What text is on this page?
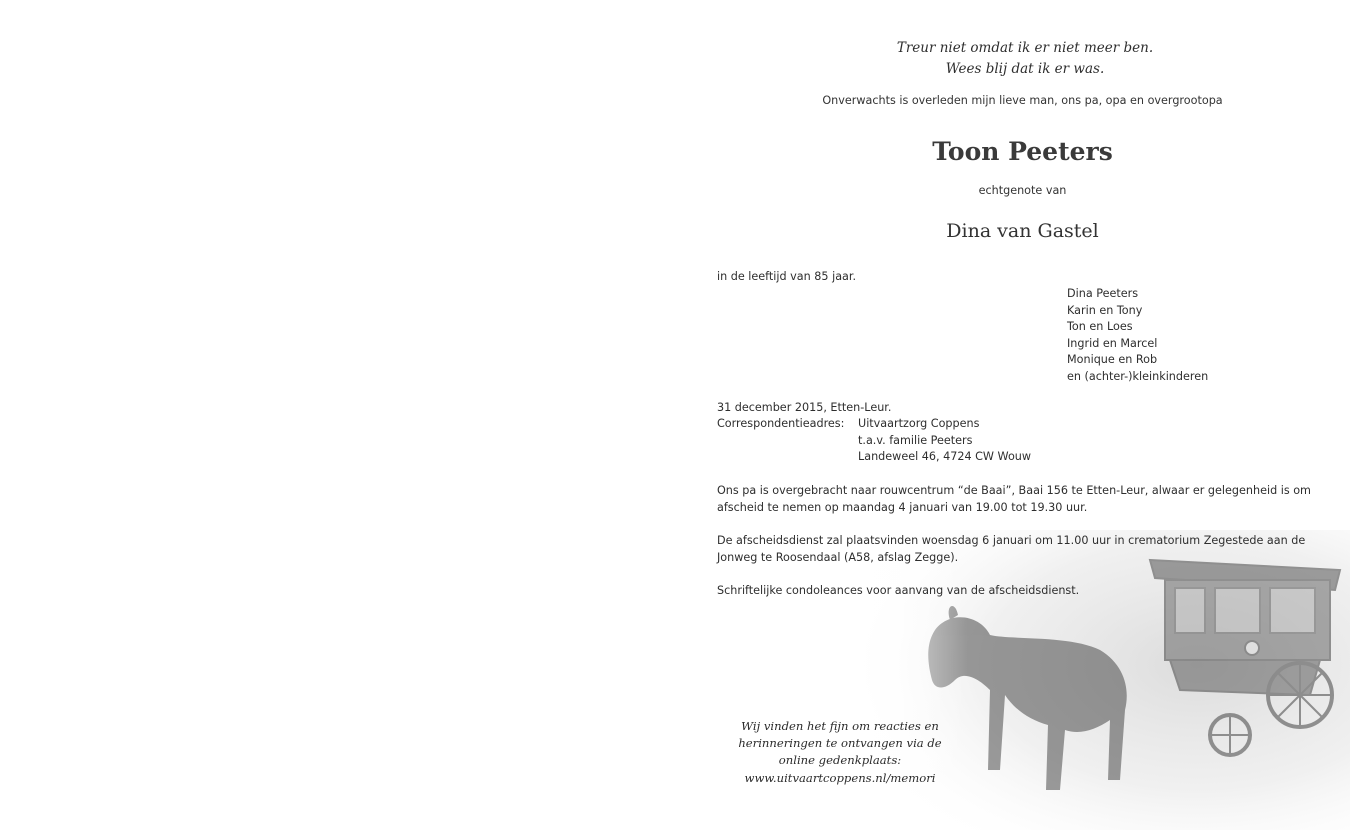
Treur niet omdat ik er niet meer ben.
Wees blij dat ik er was.
Onverwachts is overleden mijn lieve man, ons pa, opa en overgrootopa
Toon Peeters
echtgenote van
Dina van Gastel
in de leeftijd van 85 jaar.
Dina Peeters
Karin en Tony
Ton en Loes
Ingrid en Marcel
Monique en Rob
en (achter-)kleinkinderen
31 december 2015, Etten-Leur.
Correspondentieadres: Uitvaartzorg Coppens
t.a.v. familie Peeters
Landeweel 46, 4724 CW Wouw
Ons pa is overgebracht naar rouwcentrum “de Baai”, Baai 156 te Etten-Leur, alwaar er gelegenheid is om afscheid te nemen op maandag 4 januari van 19.00 tot 19.30 uur.
De afscheidsdienst zal plaatsvinden woensdag 6 januari om 11.00 uur in crematorium Zegestede aan de Jonweg te Roosendaal (A58, afslag Zegge).
Schriftelijke condoleances voor aanvang van de afscheidsdienst.
Wij vinden het fijn om reacties en
herinneringen te ontvangen via de
online gedenkplaats:
www.uitvaartcoppens.nl/memori
